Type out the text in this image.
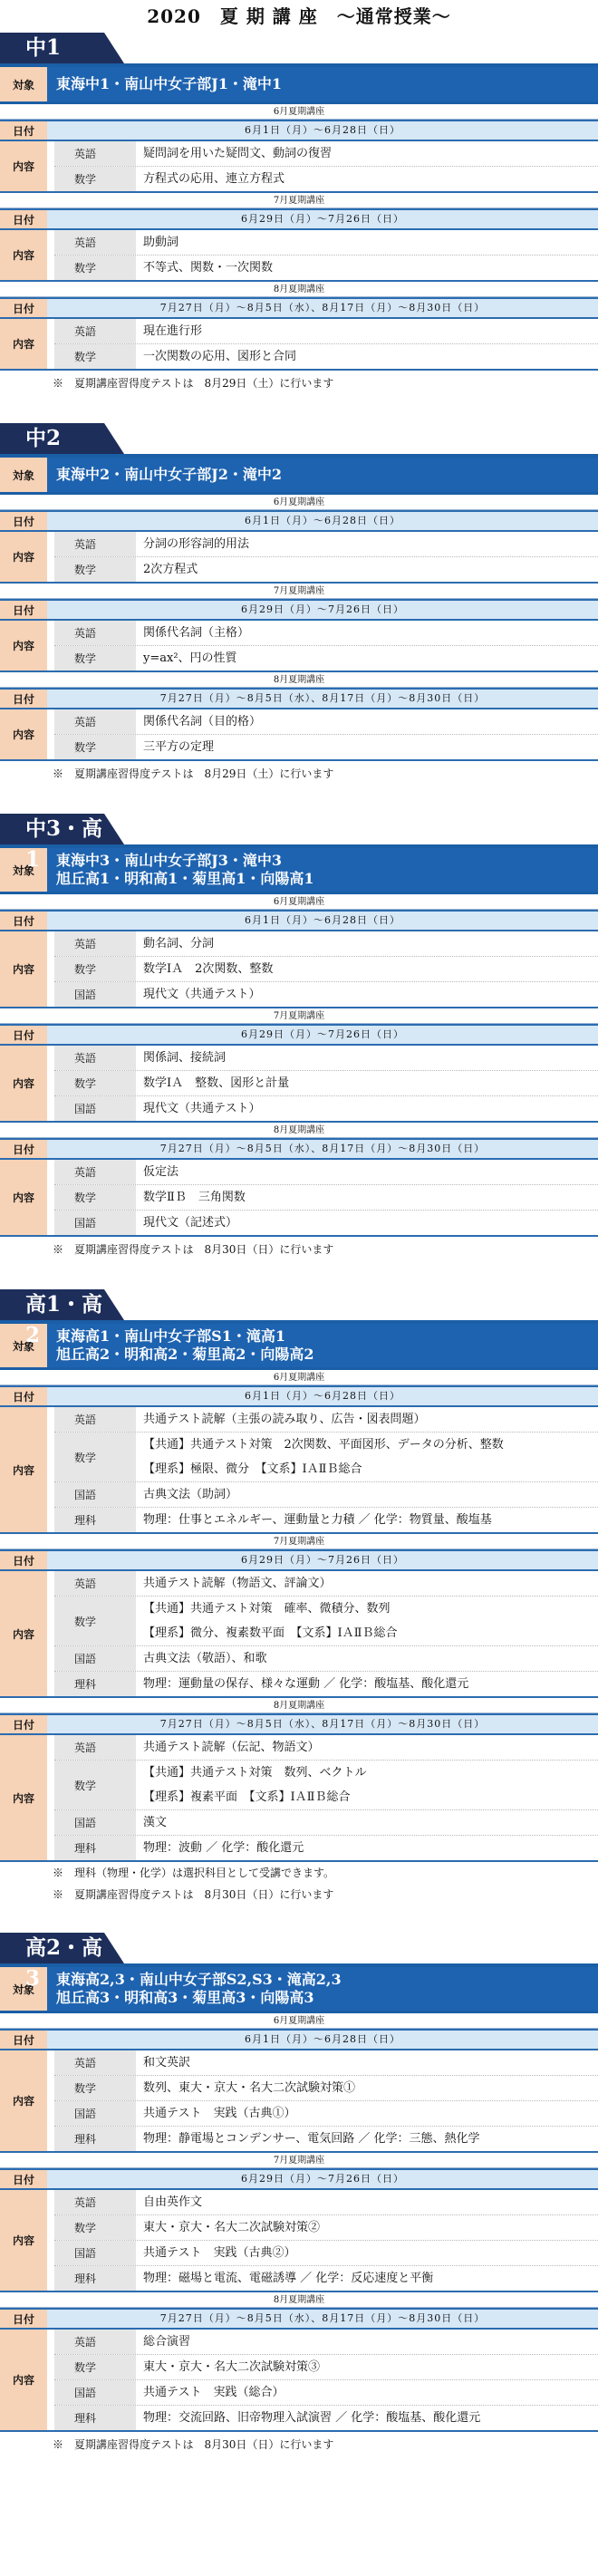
2020　夏 期 講 座　～通常授業～
中1
対象	東海中1・南山中女子部J1・滝中1
6月夏期講座
日付	6月1日（月）～6月28日（日）
内容
英語	疑問詞を用いた疑問文、動詞の復習
数学	方程式の応用、連立方程式
7月夏期講座
日付	6月29日（月）～7月26日（日）
内容
英語	助動詞
数学	不等式、関数・一次関数
8月夏期講座
日付	7月27日（月）～8月5日（水）、8月17日（月）～8月30日（日）
内容
英語	現在進行形
数学	一次関数の応用、図形と合同
※　夏期講座習得度テストは　8月29日（土）に行います
中2
対象	東海中2・南山中女子部J2・滝中2
6月夏期講座
日付	6月1日（月）～6月28日（日）
内容
英語	分詞の形容詞的用法
数学	2次方程式
7月夏期講座
日付	6月29日（月）～7月26日（日）
内容
英語	関係代名詞（主格）
数学	y=ax²、円の性質
8月夏期講座
日付	7月27日（月）～8月5日（水）、8月17日（月）～8月30日（日）
内容
英語	関係代名詞（目的格）
数学	三平方の定理
※　夏期講座習得度テストは　8月29日（土）に行います
中3・高1
対象
東海中3・南山中女子部J3・滝中3
旭丘高1・明和高1・菊里高1・向陽高1
6月夏期講座
日付	6月1日（月）～6月28日（日）
内容
英語	動名詞、分詞
数学	数学ⅠＡ　2次関数、整数
国語	現代文（共通テスト）
7月夏期講座
日付	6月29日（月）～7月26日（日）
内容
英語	関係詞、接続詞
数学	数学ⅠＡ　整数、図形と計量
国語	現代文（共通テスト）
8月夏期講座
日付	7月27日（月）～8月5日（水）、8月17日（月）～8月30日（日）
内容
英語	仮定法
数学	数学ⅡＢ　三角関数
国語	現代文（記述式）
※　夏期講座習得度テストは　8月30日（日）に行います
高1・高2
対象
東海高1・南山中女子部S1・滝高1
旭丘高2・明和高2・菊里高2・向陽高2
6月夏期講座
日付	6月1日（月）～6月28日（日）
内容
英語	共通テスト読解（主張の読み取り、広告・図表問題）
数学
【共通】共通テスト対策　2次関数、平面図形、データの分析、整数
【理系】極限、微分　【文系】ⅠＡⅡＢ総合
国語	古典文法（助詞）
理科	物理：仕事とエネルギー、運動量と力積 ／ 化学：物質量、酸塩基
7月夏期講座
日付	6月29日（月）～7月26日（日）
内容
英語	共通テスト読解（物語文、評論文）
数学
【共通】共通テスト対策　確率、微積分、数列
【理系】微分、複素数平面　【文系】ⅠＡⅡＢ総合
国語	古典文法（敬語）、和歌
理科	物理：運動量の保存、様々な運動 ／ 化学：酸塩基、酸化還元
8月夏期講座
日付	7月27日（月）～8月5日（水）、8月17日（月）～8月30日（日）
内容
英語	共通テスト読解（伝記、物語文）
数学
【共通】共通テスト対策　数列、ベクトル
【理系】複素平面　【文系】ⅠＡⅡＢ総合
国語	漢文
理科	物理：波動 ／ 化学：酸化還元
※　理科（物理・化学）は選択科目として受講できます。
※　夏期講座習得度テストは　8月30日（日）に行います
高2・高3
対象
東海高2,3・南山中女子部S2,S3・滝高2,3
旭丘高3・明和高3・菊里高3・向陽高3
6月夏期講座
日付	6月1日（月）～6月28日（日）
内容
英語	和文英訳
数学	数列、東大・京大・名大二次試験対策①
国語	共通テスト　実践（古典①）
理科	物理：静電場とコンデンサー、電気回路 ／ 化学：三態、熱化学
7月夏期講座
日付	6月29日（月）～7月26日（日）
内容
英語	自由英作文
数学	東大・京大・名大二次試験対策②
国語	共通テスト　実践（古典②）
理科	物理：磁場と電流、電磁誘導 ／ 化学：反応速度と平衡
8月夏期講座
日付	7月27日（月）～8月5日（水）、8月17日（月）～8月30日（日）
内容
英語	総合演習
数学	東大・京大・名大二次試験対策③
国語	共通テスト　実践（総合）
理科	物理：交流回路、旧帝物理入試演習 ／ 化学：酸塩基、酸化還元
※　夏期講座習得度テストは　8月30日（日）に行います
